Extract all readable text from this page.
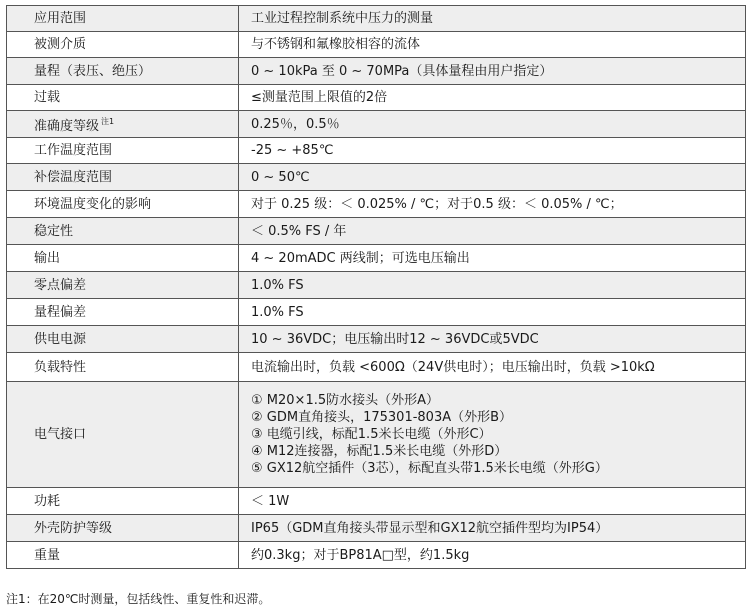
应用范围	工业过程控制系统中压力的测量
被测介质	与不锈钢和氟橡胶相容的流体
量程（表压、绝压）	0 ~ 10kPa 至 0 ~ 70MPa（具体量程由用户指定）
过载	≤测量范围上限值的2倍
准确度等级 $^{注1}$	0.25％，0.5％
工作温度范围	-25 ~ +85℃
补偿温度范围	0 ~ 50℃
环境温度变化的影响	对于 0.25 级：＜ 0.025% / ℃；对于0.5 级：＜ 0.05% / ℃；
稳定性	＜ 0.5% FS / 年
输出	4 ~ 20mADC 两线制；可选电压输出
零点偏差	1.0% FS
量程偏差	1.0% FS
供电电源	10 ~ 36VDC；电压输出时12 ~ 36VDC或5VDC
负载特性	电流输出时，负载 <600Ω（24V供电时）；电压输出时，负载 >10kΩ
电气接口	① M20×1.5防水接头（外形A）
② GDM直角接头，175301-803A（外形B）
③ 电缆引线，标配1.5米长电缆（外形C）
④ M12连接器，标配1.5米长电缆（外形D）
⑤ GX12航空插件（3芯），标配直头带1.5米长电缆（外形G）

功耗	＜ 1W
外壳防护等级	IP65（GDM直角接头带显示型和GX12航空插件型均为IP54）
重量	约0.3kg；对于BP81A□型，约1.5kg
注1：在20℃时测量，包括线性、重复性和迟滞。
